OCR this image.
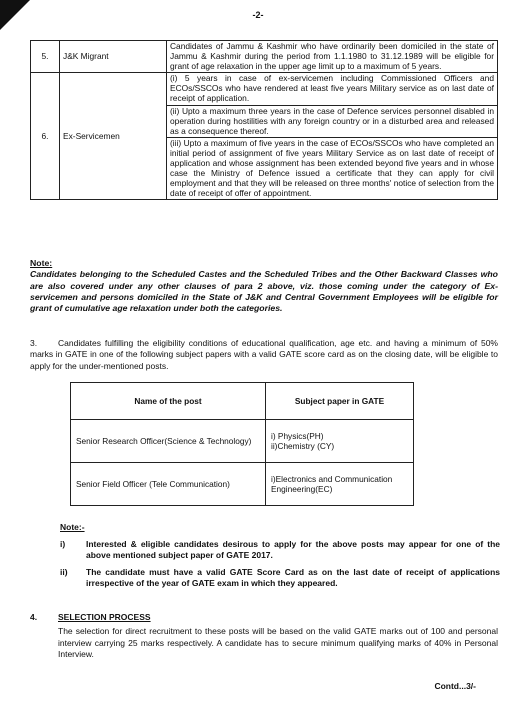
-2-
5.	J&K Migrant	Candidates of Jammu & Kashmir who have ordinarily been domiciled in the state of Jammu & Kashmir during the period from 1.1.1980 to 31.12.1989 will be eligible for grant of age relaxation in the upper age limit up to a maximum of 5 years.
6.	Ex-Servicemen	(i) 5 years in case of ex-servicemen including Commissioned Officers and ECOs/SSCOs who have rendered at least five years Military service as on last date of receipt of application.
		(ii) Upto a maximum three years in the case of Defence services personnel disabled in operation during hostilities with any foreign country or in a disturbed area and released as a consequence thereof.
		(iii) Upto a maximum of five years in the case of ECOs/SSCOs who have completed an initial period of assignment of five years Military Service as on last date of receipt of application and whose assignment has been extended beyond five years and in whose case the Ministry of Defence issued a certificate that they can apply for civil employment and that they will be released on three months' notice of selection from the date of receipt of offer of appointment.
Note:
Candidates belonging to the Scheduled Castes and the Scheduled Tribes and the Other Backward Classes who are also covered under any other clauses of para 2 above, viz. those coming under the category of Ex-servicemen and persons domiciled in the State of J&K and Central Government Employees will be eligible for grant of cumulative age relaxation under both the categories.
3. Candidates fulfilling the eligibility conditions of educational qualification, age etc. and having a minimum of 50% marks in GATE in one of the following subject papers with a valid GATE score card as on the closing date, will be eligible to apply for the under-mentioned posts.
Name of the post	Subject paper in GATE
Senior Research Officer(Science & Technology)	i) Physics(PH)
ii)Chemistry (CY)

Senior Field Officer (Tele Communication)	i)Electronics and Communication Engineering(EC)
Note:-
i)	Interested & eligible candidates desirous to apply for the above posts may appear for one of the above mentioned subject paper of GATE 2017.
ii)	The candidate must have a valid GATE Score Card as on the last date of receipt of applications irrespective of the year of GATE exam in which they appeared.
4. SELECTION PROCESS
The selection for direct recruitment to these posts will be based on the valid GATE marks out of 100 and personal interview carrying 25 marks respectively. A candidate has to secure minimum qualifying marks of 40% in Personal Interview.
Contd...3/-
